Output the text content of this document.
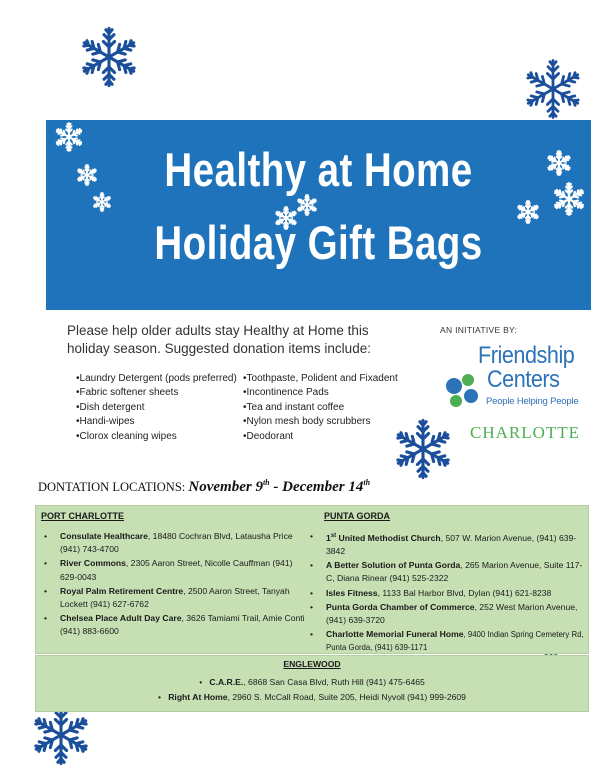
Healthy at Home
Holiday Gift Bags
Please help older adults stay Healthy at Home this holiday season. Suggested donation items include:
• Laundry Detergent (pods preferred)
• Fabric softener sheets
• Dish detergent
• Handi-wipes
• Clorox cleaning wipes
• Toothpaste, Polident and Fixadent
• Incontinence Pads
• Tea and instant coffee
• Nylon mesh body scrubbers
• Deodorant
AN INITIATIVE BY:
Friendship
Centers
People Helping People
CHARLOTTE
DONTATION LOCATIONS: November 9th - December 14th
PORT CHARLOTTE
• Consulate Healthcare, 18480 Cochran Blvd, Latausha Price (941) 743-4700
• River Commons, 2305 Aaron Street, Nicolle Cauffman (941) 629-0043
• Royal Palm Retirement Centre, 2500 Aaron Street, Tanyah Lockett (941) 627-6762
• Chelsea Place Adult Day Care, 3626 Tamiami Trail, Amie Conti (941) 883-6600
PUNTA GORDA
• 1st United Methodist Church, 507 W. Marion Avenue, (941) 639-3842
• A Better Solution of Punta Gorda, 265 Marion Avenue, Suite 117-C, Diana Rinear (941) 525-2322
• Isles Fitness, 1133 Bal Harbor Blvd, Dylan (941) 621-8238
• Punta Gorda Chamber of Commerce, 252 West Marion Avenue, (941) 639-3720
• Charlotte Memorial Funeral Home, 9400 Indian Spring Cemetery Rd, Punta Gorda, (941) 639-1171
ENGLEWOOD
•   C.A.R.E., 6868 San Casa Blvd, Ruth Hill (941) 475-6465
•   Right At Home, 2960 S. McCall Road, Suite 205, Heidi Nyvoll (941) 999-2609
